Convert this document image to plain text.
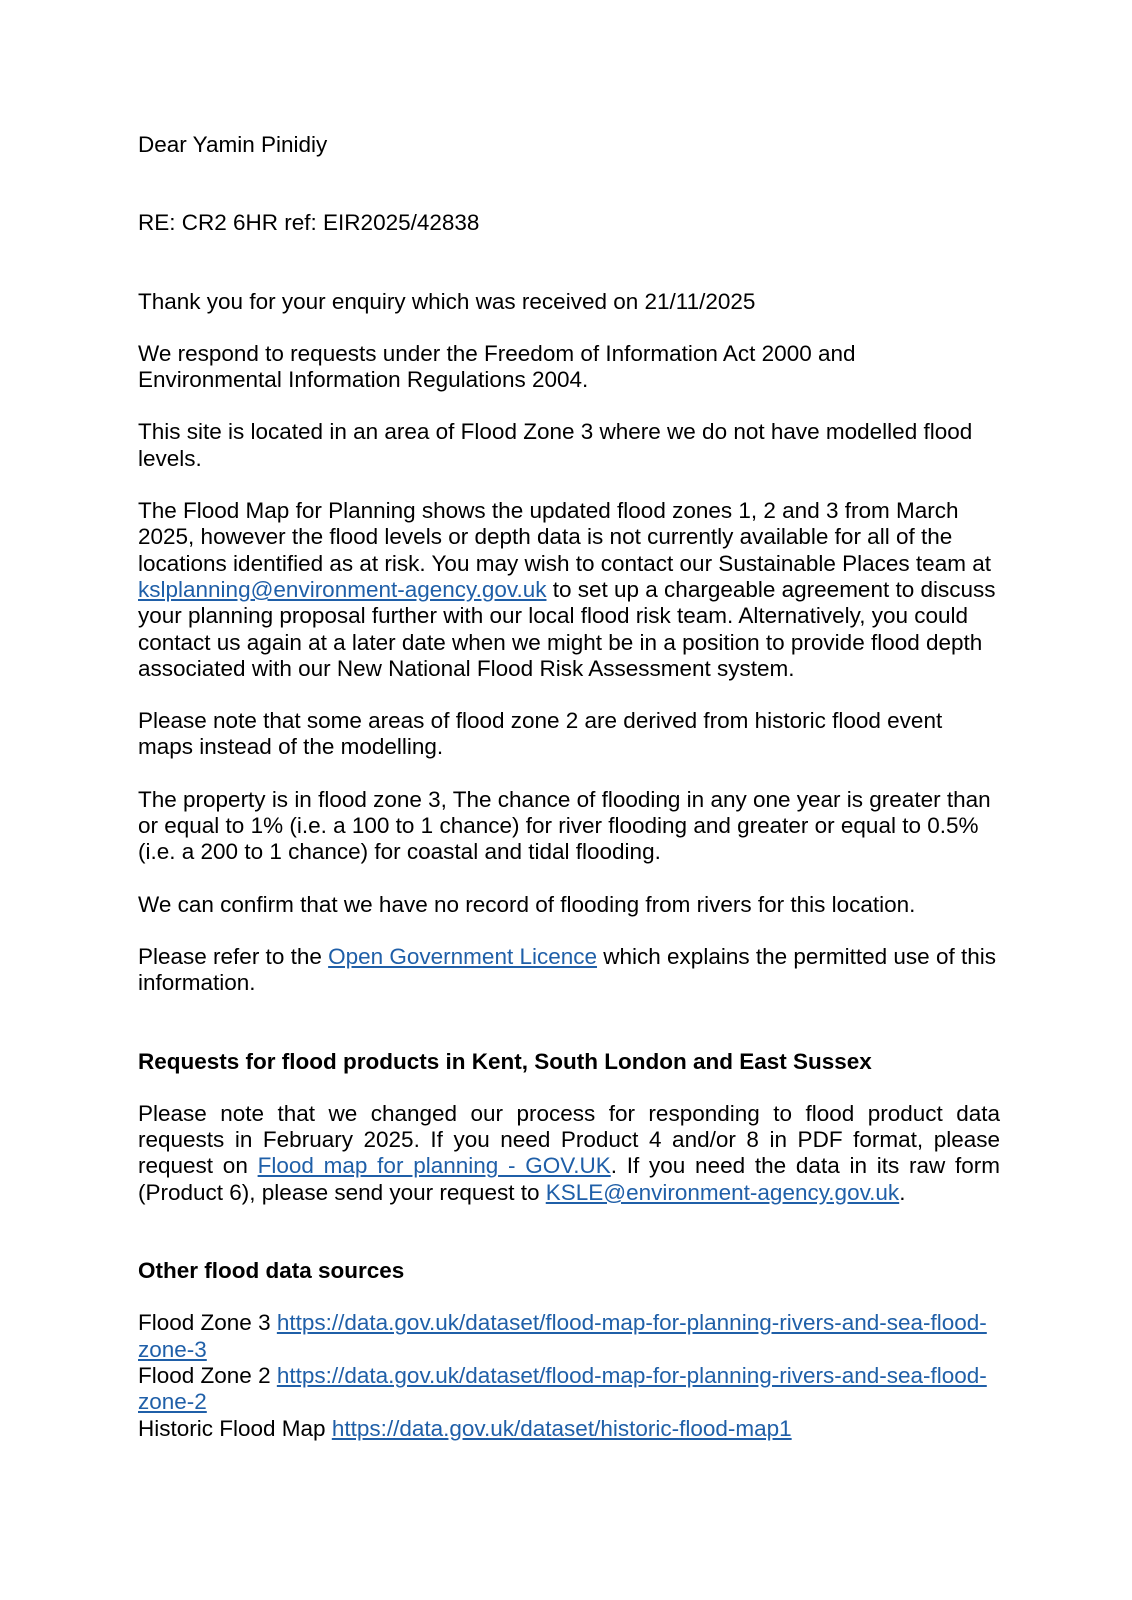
Dear Yamin Pinidiy

RE: CR2 6HR ref: EIR2025/42838

Thank you for your enquiry which was received on 21/11/2025

We respond to requests under the Freedom of Information Act 2000 and Environmental Information Regulations 2004.

This site is located in an area of Flood Zone 3 where we do not have modelled flood levels.

The Flood Map for Planning shows the updated flood zones 1, 2 and 3 from March 2025, however the flood levels or depth data is not currently available for all of the locations identified as at risk. You may wish to contact our Sustainable Places team at kslplanning@environment-agency.gov.uk to set up a chargeable agreement to discuss your planning proposal further with our local flood risk team. Alternatively, you could contact us again at a later date when we might be in a position to provide flood depth associated with our New National Flood Risk Assessment system.

Please note that some areas of flood zone 2 are derived from historic flood event maps instead of the modelling.

The property is in flood zone 3, The chance of flooding in any one year is greater than or equal to 1% (i.e. a 100 to 1 chance) for river flooding and greater or equal to 0.5% (i.e. a 200 to 1 chance) for coastal and tidal flooding.

We can confirm that we have no record of flooding from rivers for this location.

Please refer to the Open Government Licence which explains the permitted use of this information.

Requests for flood products in Kent, South London and East Sussex

Please note that we changed our process for responding to flood product data requests in February 2025. If you need Product 4 and/or 8 in PDF format, please request on Flood map for planning - GOV.UK. If you need the data in its raw form (Product 6), please send your request to KSLE@environment-agency.gov.uk.

Other flood data sources

Flood Zone 3 https://data.gov.uk/dataset/flood-map-for-planning-rivers-and-sea-flood-zone-3

Flood Zone 2 https://data.gov.uk/dataset/flood-map-for-planning-rivers-and-sea-flood-zone-2

Historic Flood Map https://data.gov.uk/dataset/historic-flood-map1
